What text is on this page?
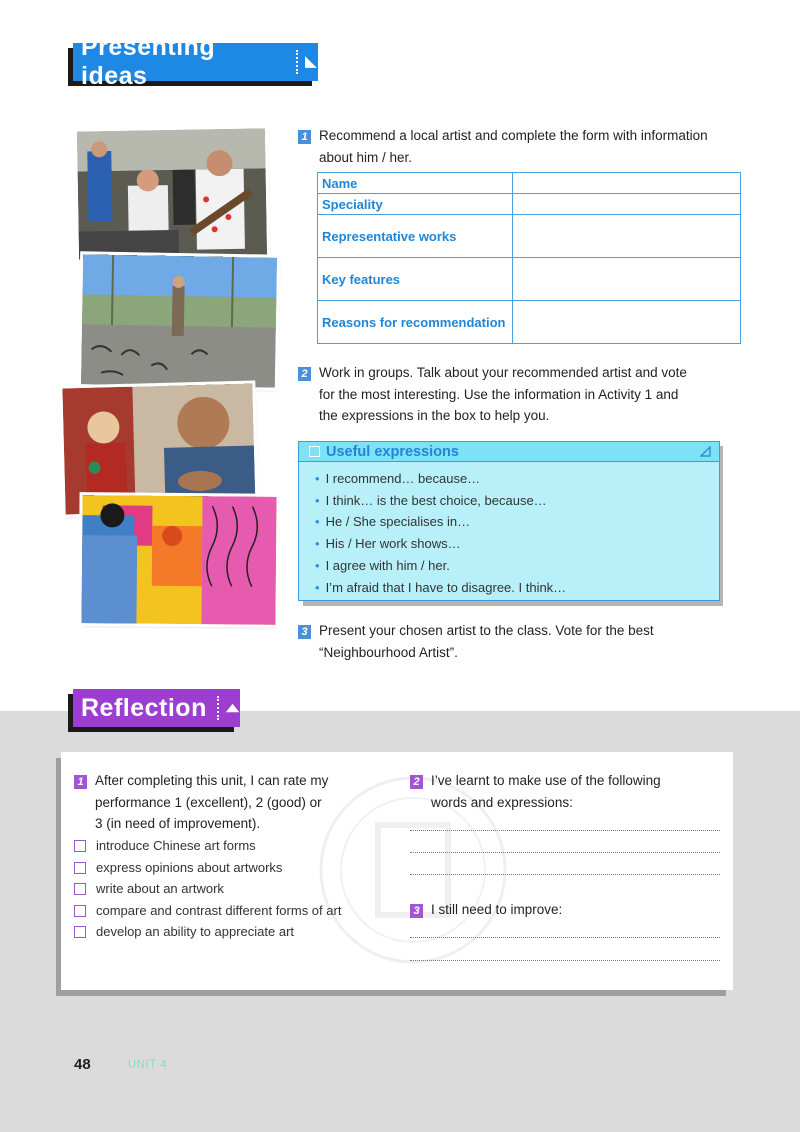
Presenting ideas
1 Recommend a local artist and complete the form with information
about him / her.
Name	
Speciality	
Representative works	
Key features	
Reasons for recommendation	
2 Work in groups. Talk about your recommended artist and vote
for the most interesting. Use the information in Activity 1 and
the expressions in the box to help you.
Useful expressions
• I recommend… because…
• I think… is the best choice, because…
• He / She specialises in…
• His / Her work shows…
• I agree with him / her.
• I’m afraid that I have to disagree. I think…
3 Present your chosen artist to the class. Vote for the best
“Neighbourhood Artist”.
Reflection
1 After completing this unit, I can rate my
performance 1 (excellent), 2 (good) or
3 (in need of improvement).
introduce Chinese art forms
express opinions about artworks
write about an artwork
compare and contrast different forms of art
develop an ability to appreciate art
2 I’ve learnt to make use of the following
words and expressions:
3 I still need to improve:
48	UNIT 4
